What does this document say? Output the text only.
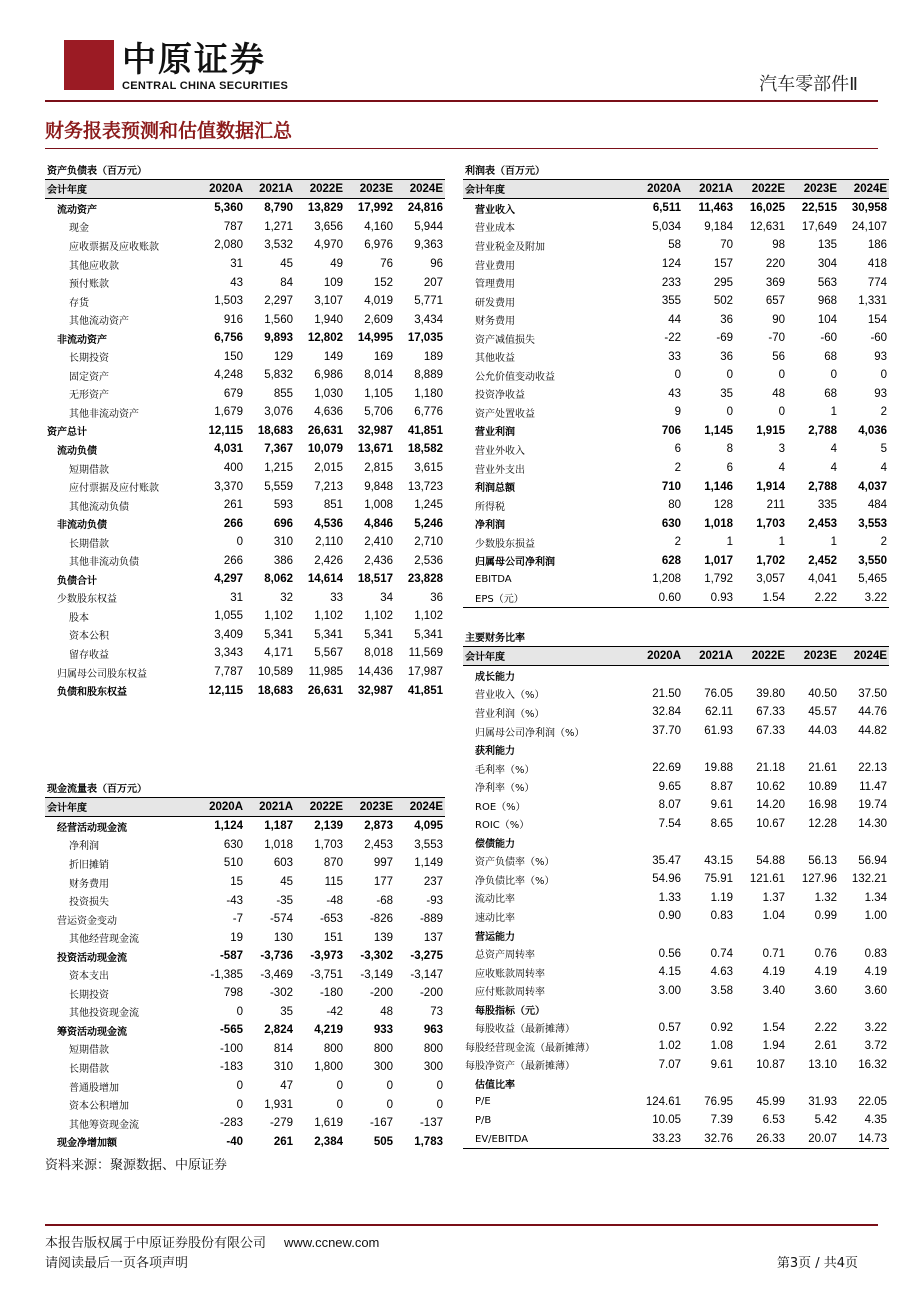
中原证券
CENTRAL CHINA SECURITIES	汽车零部件Ⅱ
财务报表预测和估值数据汇总
资产负债表（百万元）					
会计年度	2020A	2021A	2022E	2023E	2024E
流动资产	5,360	8,790	13,829	17,992	24,816
现金	787	1,271	3,656	4,160	5,944
应收票据及应收账款	2,080	3,532	4,970	6,976	9,363
其他应收款	31	45	49	76	96
预付账款	43	84	109	152	207
存货	1,503	2,297	3,107	4,019	5,771
其他流动资产	916	1,560	1,940	2,609	3,434
非流动资产	6,756	9,893	12,802	14,995	17,035
长期投资	150	129	149	169	189
固定资产	4,248	5,832	6,986	8,014	8,889
无形资产	679	855	1,030	1,105	1,180
其他非流动资产	1,679	3,076	4,636	5,706	6,776
资产总计	12,115	18,683	26,631	32,987	41,851
流动负债	4,031	7,367	10,079	13,671	18,582
短期借款	400	1,215	2,015	2,815	3,615
应付票据及应付账款	3,370	5,559	7,213	9,848	13,723
其他流动负债	261	593	851	1,008	1,245
非流动负债	266	696	4,536	4,846	5,246
长期借款	0	310	2,110	2,410	2,710
其他非流动负债	266	386	2,426	2,436	2,536
负债合计	4,297	8,062	14,614	18,517	23,828
少数股东权益	31	32	33	34	36
股本	1,055	1,102	1,102	1,102	1,102
资本公积	3,409	5,341	5,341	5,341	5,341
留存收益	3,343	4,171	5,567	8,018	11,569
归属母公司股东权益	7,787	10,589	11,985	14,436	17,987
负债和股东权益	12,115	18,683	26,631	32,987	41,851
现金流量表（百万元）					
会计年度	2020A	2021A	2022E	2023E	2024E
经营活动现金流	1,124	1,187	2,139	2,873	4,095
净利润	630	1,018	1,703	2,453	3,553
折旧摊销	510	603	870	997	1,149
财务费用	15	45	115	177	237
投资损失	-43	-35	-48	-68	-93
营运资金变动	-7	-574	-653	-826	-889
其他经营现金流	19	130	151	139	137
投资活动现金流	-587	-3,736	-3,973	-3,302	-3,275
资本支出	-1,385	-3,469	-3,751	-3,149	-3,147
长期投资	798	-302	-180	-200	-200
其他投资现金流	0	35	-42	48	73
筹资活动现金流	-565	2,824	4,219	933	963
短期借款	-100	814	800	800	800
长期借款	-183	310	1,800	300	300
普通股增加	0	47	0	0	0
资本公积增加	0	1,931	0	0	0
其他筹资现金流	-283	-279	1,619	-167	-137
现金净增加额	-40	261	2,384	505	1,783
利润表（百万元）					
会计年度	2020A	2021A	2022E	2023E	2024E
营业收入	6,511	11,463	16,025	22,515	30,958
营业成本	5,034	9,184	12,631	17,649	24,107
营业税金及附加	58	70	98	135	186
营业费用	124	157	220	304	418
管理费用	233	295	369	563	774
研发费用	355	502	657	968	1,331
财务费用	44	36	90	104	154
资产减值损失	-22	-69	-70	-60	-60
其他收益	33	36	56	68	93
公允价值变动收益	0	0	0	0	0
投资净收益	43	35	48	68	93
资产处置收益	9	0	0	1	2
营业利润	706	1,145	1,915	2,788	4,036
营业外收入	6	8	3	4	5
营业外支出	2	6	4	4	4
利润总额	710	1,146	1,914	2,788	4,037
所得税	80	128	211	335	484
净利润	630	1,018	1,703	2,453	3,553
少数股东损益	2	1	1	1	2
归属母公司净利润	628	1,017	1,702	2,452	3,550
EBITDA	1,208	1,792	3,057	4,041	5,465
EPS（元）	0.60	0.93	1.54	2.22	3.22
主要财务比率					
会计年度	2020A	2021A	2022E	2023E	2024E
成长能力					
营业收入（%）	21.50	76.05	39.80	40.50	37.50
营业利润（%）	32.84	62.11	67.33	45.57	44.76
归属母公司净利润（%）	37.70	61.93	67.33	44.03	44.82
获利能力					
毛利率（%）	22.69	19.88	21.18	21.61	22.13
净利率（%）	9.65	8.87	10.62	10.89	11.47
ROE（%）	8.07	9.61	14.20	16.98	19.74
ROIC（%）	7.54	8.65	10.67	12.28	14.30
偿债能力					
资产负债率（%）	35.47	43.15	54.88	56.13	56.94
净负债比率（%）	54.96	75.91	121.61	127.96	132.21
流动比率	1.33	1.19	1.37	1.32	1.34
速动比率	0.90	0.83	1.04	0.99	1.00
营运能力					
总资产周转率	0.56	0.74	0.71	0.76	0.83
应收账款周转率	4.15	4.63	4.19	4.19	4.19
应付账款周转率	3.00	3.58	3.40	3.60	3.60
每股指标（元）					
每股收益（最新摊薄）	0.57	0.92	1.54	2.22	3.22
每股经营现金流（最新摊薄）	1.02	1.08	1.94	2.61	3.72
每股净资产（最新摊薄）	7.07	9.61	10.87	13.10	16.32
估值比率					
P/E	124.61	76.95	45.99	31.93	22.05
P/B	10.05	7.39	6.53	5.42	4.35
EV/EBITDA	33.23	32.76	26.33	20.07	14.73
资料来源：聚源数据、中原证券
本报告版权属于中原证券股份有限公司 www.ccnew.com
请阅读最后一页各项声明	第3页 / 共4页
